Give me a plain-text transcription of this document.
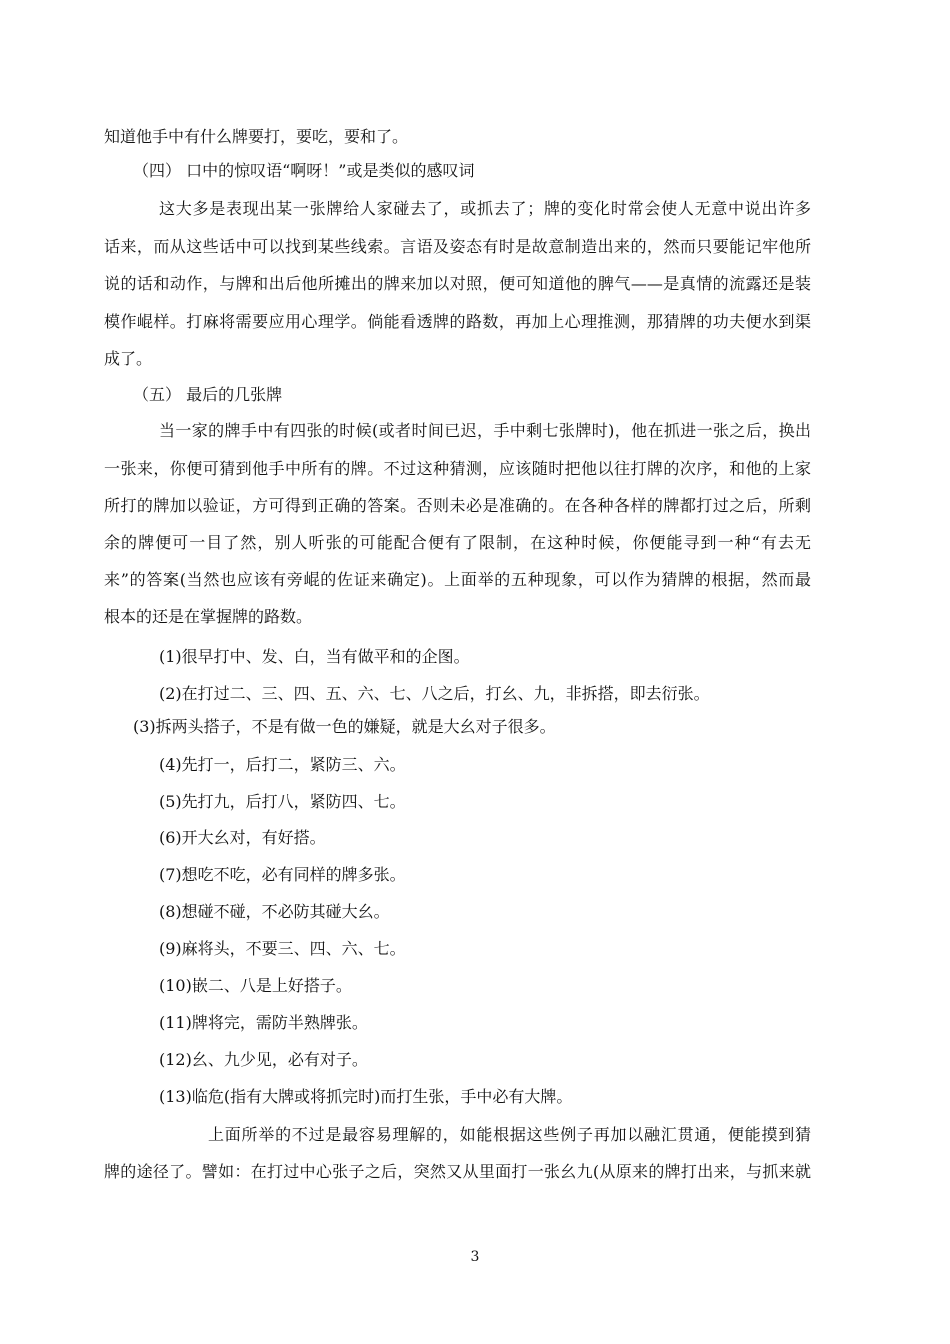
知道他手中有什么牌要打，要吃，要和了。
（四） 口中的惊叹语“啊呀！”或是类似的感叹词
这大多是表现出某一张牌给人家碰去了，或抓去了；牌的变化时常会使人无意中说出许多
话来，而从这些话中可以找到某些线索。言语及姿态有时是故意制造出来的，然而只要能记牢他所
说的话和动作，与牌和出后他所摊出的牌来加以对照，便可知道他的脾气——是真情的流露还是装
模作崐样。打麻将需要应用心理学。倘能看透牌的路数，再加上心理推测，那猜牌的功夫便水到渠
成了。
（五） 最后的几张牌
当一家的牌手中有四张的时候(或者时间已迟，手中剩七张牌时)，他在抓进一张之后，换出
一张来，你便可猜到他手中所有的牌。不过这种猜测，应该随时把他以往打牌的次序，和他的上家
所打的牌加以验证，方可得到正确的答案。否则未必是准确的。在各种各样的牌都打过之后，所剩
余的牌便可一目了然，别人听张的可能配合便有了限制，在这种时候，你便能寻到一种“有去无
来”的答案(当然也应该有旁崐的佐证来确定)。上面举的五种现象，可以作为猜牌的根据，然而最
根本的还是在掌握牌的路数。
(1)很早打中、发、白，当有做平和的企图。
(2)在打过二、三、四、五、六、七、八之后，打幺、九，非拆搭，即去衍张。
(3)拆两头搭子，不是有做一色的嫌疑，就是大幺对子很多。
(4)先打一，后打二，紧防三、六。
(5)先打九，后打八，紧防四、七。
(6)开大幺对，有好搭。
(7)想吃不吃，必有同样的牌多张。
(8)想碰不碰，不必防其碰大幺。
(9)麻将头，不要三、四、六、七。
(10)嵌二、八是上好搭子。
(11)牌将完，需防半熟牌张。
(12)幺、九少见，必有对子。
(13)临危(指有大牌或将抓完时)而打生张，手中必有大牌。
上面所举的不过是最容易理解的，如能根据这些例子再加以融汇贯通，便能摸到猜
牌的途径了。譬如：在打过中心张子之后，突然又从里面打一张幺九(从原来的牌打出来，与抓来就
3
